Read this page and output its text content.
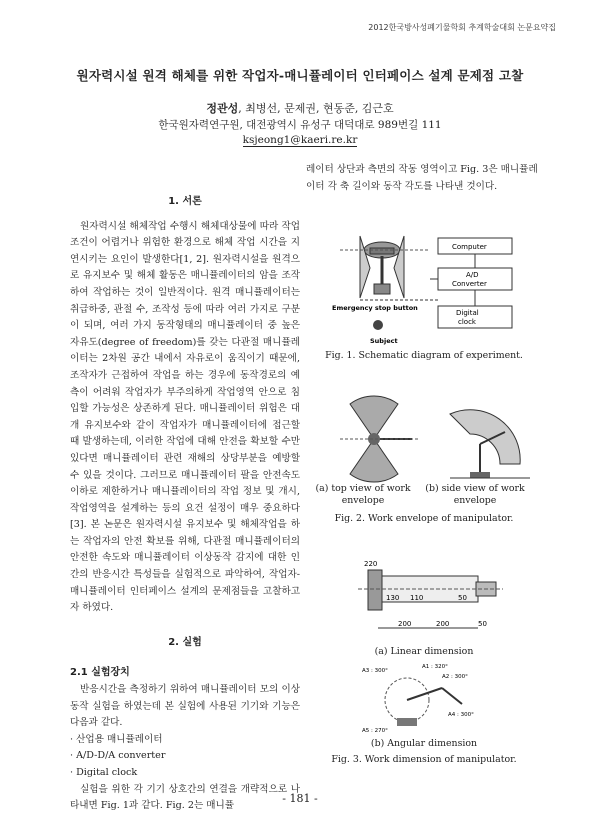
2012한국방사성폐기물학회 추계학술대회 논문요약집
원자력시설 원격 해체를 위한 작업자-매니퓰레이터 인터페이스 설계 문제점 고찰
정관성, 최병선, 문제권, 현동준, 김근호
한국원자력연구원, 대전광역시 유성구 대덕대로 989번길 111
ksjeong1@kaeri.re.kr
1. 서론

원자력시설 해체작업 수행시 해체대상물에 따라 작업 조건이 어렵거나 위험한 환경으로 해체 작업 시간을 지연시키는 요인이 발생한다[1, 2]. 원자력시설을 원격으로 유지보수 및 해체 활동은 매니퓰레이터의 암을 조작하여 작업하는 것이 일반적이다. 원격 매니퓰레이터는 취급하중, 관절 수, 조작성 등에 따라 여러 가지로 구분이 되며, 여러 가지 동작형태의 매니퓰레이터 중 높은 자유도(degree of freedom)를 갖는 다관절 매니퓰레이터는 2차원 공간 내에서 자유로이 움직이기 때문에, 조작자가 근접하여 작업을 하는 경우에 동작경로의 예측이 어려워 작업자가 부주의하게 작업영역 안으로 침입할 가능성은 상존하게 된다. 매니퓰레이터 위험은 대개 유지보수와 같이 작업자가 매니퓰레이터에 접근할 때 발생하는데, 이러한 작업에 대해 안전을 확보할 수만 있다면 매니퓰레이터 관련 재해의 상당부분을 예방할 수 있을 것이다. 그러므로 매니퓰레이터 팔을 안전속도 이하로 제한하거나 매니퓰레이터의 작업 정보 및 개시, 작업영역을 설계하는 등의 요건 설정이 매우 중요하다[3]. 본 논문은 원자력시설 유지보수 및 해체작업을 하는 작업자의 안전 확보를 위해, 다관절 매니퓰레이터의 안전한 속도와 매니퓰레이터 이상동작 감지에 대한 인간의 반응시간 특성들을 실험적으로 파악하여, 작업자-매니퓰레이터 인터페이스 설계의 문제점들을 고찰하고자 하였다.

2. 실험
2.1 실험장치

반응시간을 측정하기 위하여 매니퓰레이터 모의 이상동작 실험을 하였는데 본 실험에 사용된 기기와 기능은 다음과 같다.

· 산업용 매니퓰레이터
· A/D-D/A converter
· Digital clock

실험을 위한 각 기기 상호간의 연결을 개략적으로 나타내면 Fig. 1과 같다. Fig. 2는 매니퓰

레이터 상단과 측면의 작동 영역이고 Fig. 3은 매니퓰레이터 각 축 길이와 동작 각도를 나타낸 것이다.
Computer
A/D
Converter
Digital
clock
Emergency stop button
Subject
Fig. 1. Schematic diagram of experiment.
(a) top view of work
envelope
(b) side view of work
envelope
Fig. 2. Work envelope of manipulator.
220
130 110	50
200	200	50
(a) Linear dimension
A1 : 320°
A2 : 300°
A3 : 300°
A4 : 300°
A5 : 270°
(b) Angular dimension
Fig. 3. Work dimension of manipulator.
- 181 -
